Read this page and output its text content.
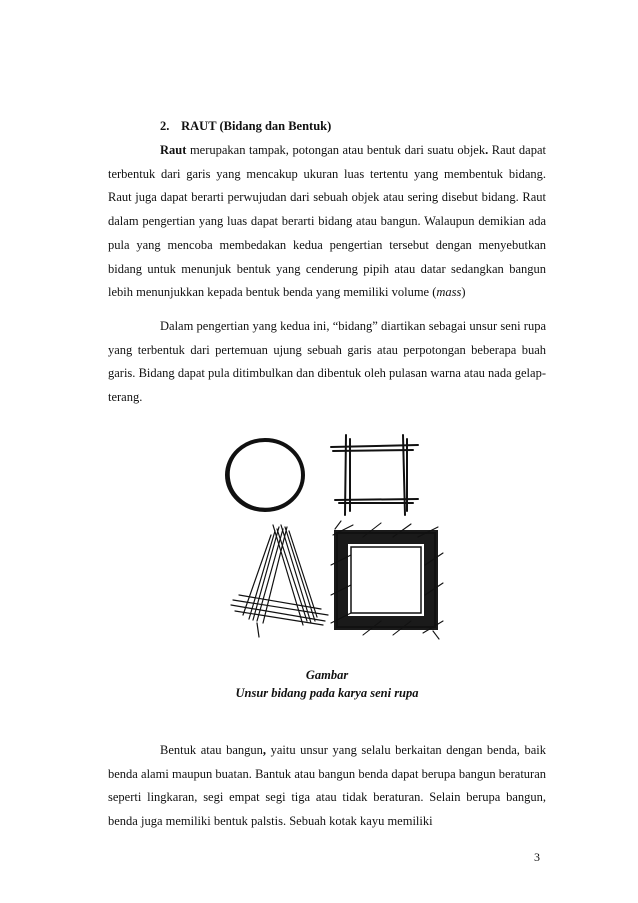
2. RAUT (Bidang dan Bentuk)

Raut merupakan tampak, potongan atau bentuk dari suatu objek. Raut dapat terbentuk dari garis yang mencakup ukuran luas tertentu yang membentuk bidang. Raut juga dapat berarti perwujudan dari sebuah objek atau sering disebut bidang. Raut dalam pengertian yang luas dapat berarti bidang atau bangun. Walaupun demikian ada pula yang mencoba membedakan kedua pengertian tersebut dengan menyebutkan bidang untuk menunjuk bentuk yang cenderung pipih atau datar sedangkan bangun lebih menunjukkan kepada bentuk benda yang memiliki volume (mass)

Dalam pengertian yang kedua ini, “bidang” diartikan sebagai unsur seni rupa yang terbentuk dari pertemuan ujung sebuah garis atau perpotongan beberapa buah garis. Bidang dapat pula ditimbulkan dan dibentuk oleh pulasan warna atau nada gelap-terang.

Gambar
Unsur bidang pada karya seni rupa

Bentuk atau bangun, yaitu unsur yang selalu berkaitan dengan benda, baik benda alami maupun buatan. Bantuk atau bangun benda dapat berupa bangun beraturan seperti lingkaran, segi empat segi tiga atau tidak beraturan. Selain berupa bangun, benda juga memiliki bentuk palstis. Sebuah kotak kayu memiliki

3
